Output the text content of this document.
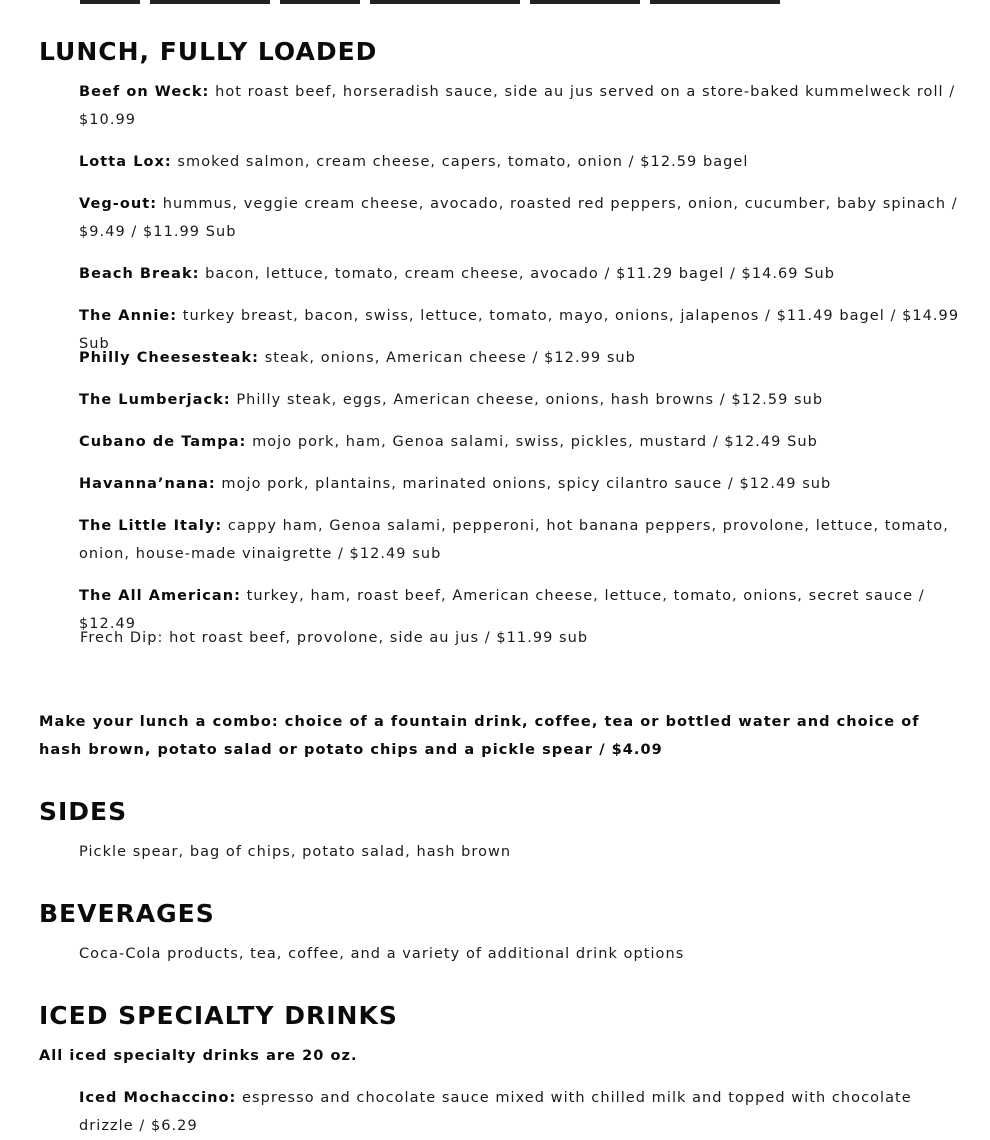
LUNCH, FULLY LOADED

Beef on Weck: hot roast beef, horseradish sauce, side au jus served on a store-baked kummelweck roll / $10.99

Lotta Lox: smoked salmon, cream cheese, capers, tomato, onion / $12.59 bagel

Veg-out: hummus, veggie cream cheese, avocado, roasted red peppers, onion, cucumber, baby spinach / $9.49 / $11.99 Sub

Beach Break: bacon, lettuce, tomato, cream cheese, avocado / $11.29 bagel / $14.69 Sub

The Annie: turkey breast, bacon, swiss, lettuce, tomato, mayo, onions, jalapenos / $11.49 bagel / $14.99 Sub

Philly Cheesesteak: steak, onions, American cheese / $12.99 sub

The Lumberjack: Philly steak, eggs, American cheese, onions, hash browns / $12.59 sub

Cubano de Tampa: mojo pork, ham, Genoa salami, swiss, pickles, mustard / $12.49 Sub

Havanna’nana: mojo pork, plantains, marinated onions, spicy cilantro sauce / $12.49 sub

The Little Italy: cappy ham, Genoa salami, pepperoni, hot banana peppers, provolone, lettuce, tomato, onion, house-made vinaigrette / $12.49 sub

The All American: turkey, ham, roast beef, American cheese, lettuce, tomato, onions, secret sauce / $12.49

Frech Dip: hot roast beef, provolone, side au jus / $11.99 sub

Make your lunch a combo: choice of a fountain drink, coffee, tea or bottled water and choice of hash brown, potato salad or potato chips and a pickle spear / $4.09

SIDES

Pickle spear, bag of chips, potato salad, hash brown

BEVERAGES

Coca-Cola products, tea, coffee, and a variety of additional drink options

ICED SPECIALTY DRINKS

All iced specialty drinks are 20 oz.

Iced Mochaccino: espresso and chocolate sauce mixed with chilled milk and topped with chocolate drizzle / $6.29
